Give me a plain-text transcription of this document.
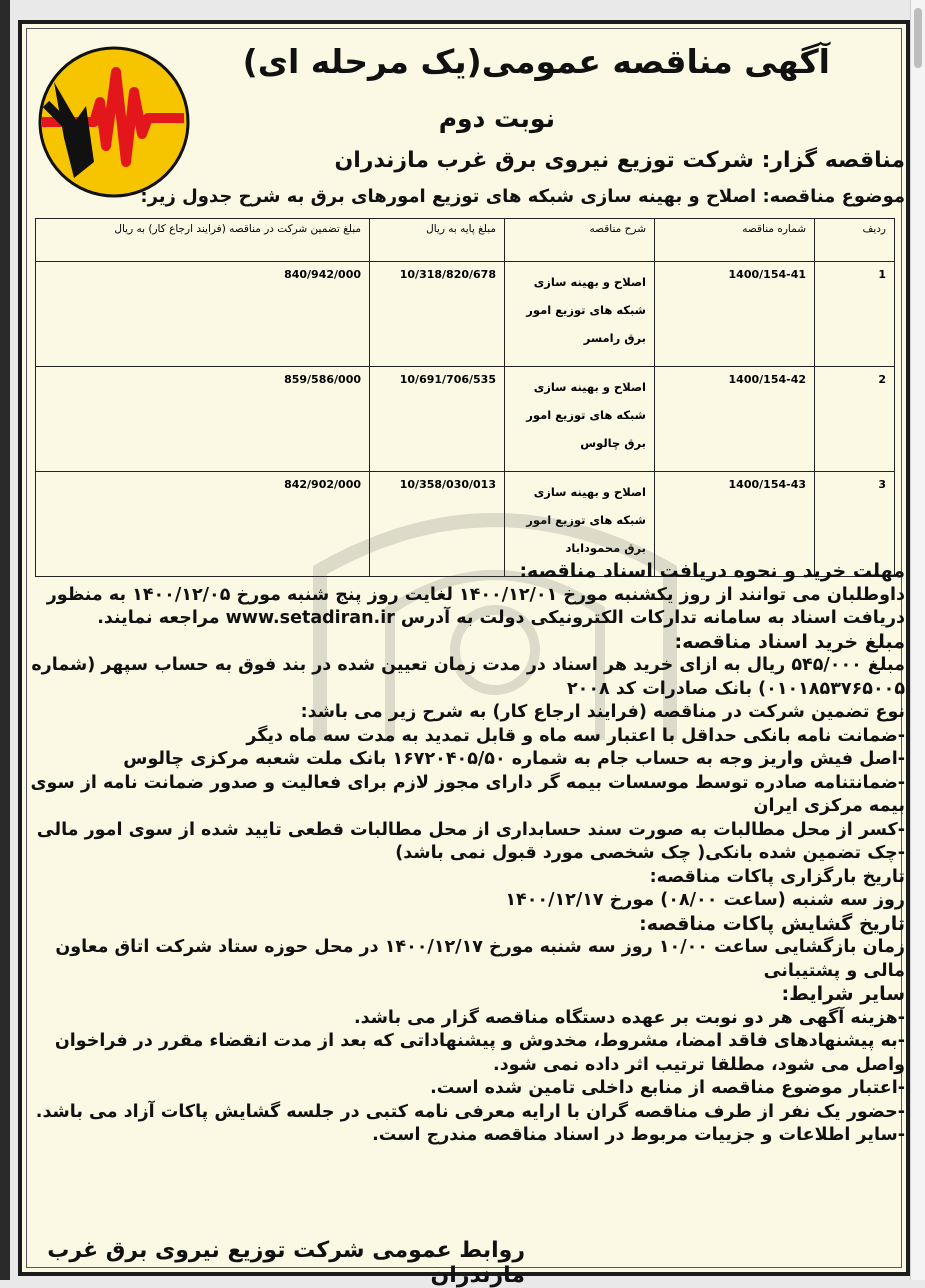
آگهی مناقصه عمومی(یک مرحله ای)
نوبت دوم
مناقصه گزار: شرکت توزیع نیروی برق غرب مازندران
موضوع مناقصه: اصلاح و بهینه سازی شبکه های توزیع امورهای برق به شرح جدول زیر:
ردیف	شماره مناقصه	شرح مناقصه	مبلغ پایه به ریال	مبلغ تضمین شرکت در مناقصه (فرایند ارجاع کار) به ریال
1	1400/154-41	اصلاح و بهینه سازی شبکه های توزیع امور برق رامسر	10/318/820/678	840/942/000
2	1400/154-42	اصلاح و بهینه سازی شبکه های توزیع امور برق چالوس	10/691/706/535	859/586/000
3	1400/154-43	اصلاح و بهینه سازی شبکه های توزیع امور برق محموداباد	10/358/030/013	842/902/000

مهلت خرید و نحوه دریافت اسناد مناقصه:

داوطلبان می توانند از روز یکشنبه مورخ ۱۴۰۰/۱۲/۰۱ لغایت روز پنج شنبه مورخ ۱۴۰۰/۱۲/۰۵ به منظور دریافت اسناد به سامانه تدارکات الکترونیکی دولت به آدرس www.setadiran.ir مراجعه نمایند.

مبلغ خرید اسناد مناقصه:

مبلغ ۵۴۵/۰۰۰ ریال به ازای خرید هر اسناد در مدت زمان تعیین شده در بند فوق به حساب سپهر (شماره ۰۱۰۱۸۵۳۷۶۵۰۰۵) بانک صادرات کد ۲۰۰۸

نوع تضمین شرکت در مناقصه (فرایند ارجاع کار) به شرح زیر می باشد:

-ضمانت نامه بانکی حداقل با اعتبار سه ماه و قابل تمدید به مدت سه ماه دیگر

-اصل فیش واریز وجه به حساب جام به شماره ۱۶۷۲۰۴۰۵/۵۰ بانک ملت شعبه مرکزی چالوس

-ضمانتنامه صادره توسط موسسات بیمه گر دارای مجوز لازم برای فعالیت و صدور ضمانت نامه از سوی بیمه مرکزی ایران

-کسر از محل مطالبات به صورت سند حسابداری از محل مطالبات قطعی تایید شده از سوی امور مالی

-چک تضمین شده بانکی( چک شخصی مورد قبول نمی باشد)

تاریخ بارگزاری پاکات مناقصه:

روز سه شنبه (ساعت ۰۸/۰۰) مورخ ۱۴۰۰/۱۲/۱۷

تاریخ گشایش پاکات مناقصه:

زمان بازگشایی ساعت ۱۰/۰۰ روز سه شنبه مورخ ۱۴۰۰/۱۲/۱۷ در محل حوزه ستاد شرکت اتاق معاون مالی و پشتیبانی

سایر شرایط:

-هزینه آگهی هر دو نوبت بر عهده دستگاه مناقصه گزار می باشد.

-به پیشنهادهای فاقد امضا، مشروط، مخدوش و پیشنهاداتی که بعد از مدت انقضاء مقرر در فراخوان واصل می شود، مطلقا ترتیب اثر داده نمی شود.

-اعتبار موضوع مناقصه از منابع داخلی تامین شده است.

-حضور یک نفر از طرف مناقصه گران با ارایه معرفی نامه کتبی در جلسه گشایش پاکات آزاد می باشد.

-سایر اطلاعات و جزییات مربوط در اسناد مناقصه مندرج است.

روابط عمومی شرکت توزیع نیروی برق غرب مازندران
